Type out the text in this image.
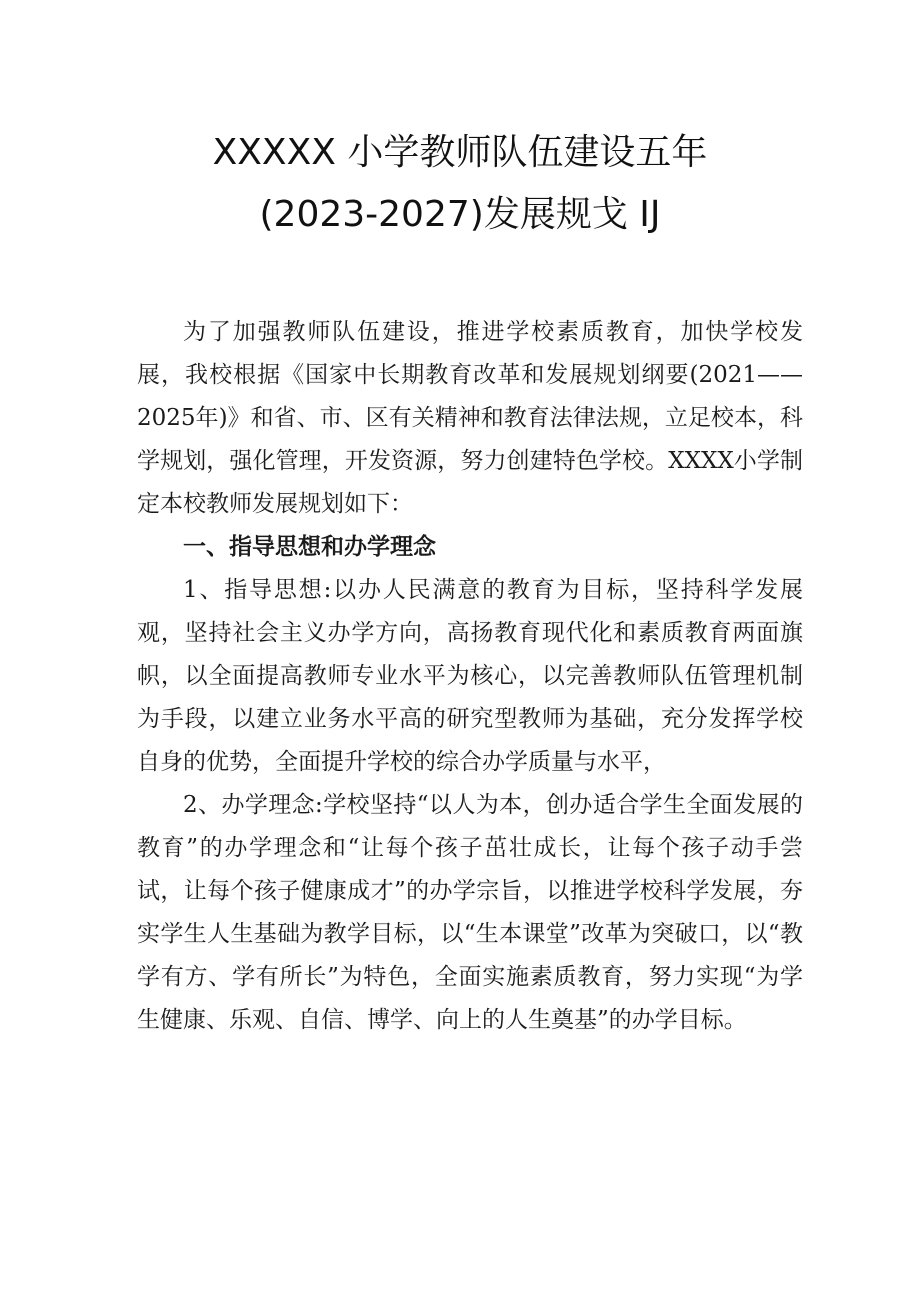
XXXXX 小学教师队伍建设五年
(2023-2027)发展规戈 IJ

为了加强教师队伍建设，推进学校素质教育，加快学校发展，我校根据《国家中长期教育改革和发展规划纲要(2021——2025年)》和省、市、区有关精神和教育法律法规，立足校本，科学规划，强化管理，开发资源，努力创建特色学校。XXXX小学制定本校教师发展规划如下：

一、指导思想和办学理念

1、指导思想:以办人民满意的教育为目标，坚持科学发展观，坚持社会主义办学方向，高扬教育现代化和素质教育两面旗帜，以全面提高教师专业水平为核心，以完善教师队伍管理机制为手段，以建立业务水平高的研究型教师为基础，充分发挥学校自身的优势，全面提升学校的综合办学质量与水平，

2、办学理念:学校坚持“以人为本，创办适合学生全面发展的教育”的办学理念和“让每个孩子茁壮成长，让每个孩子动手尝试，让每个孩子健康成才”的办学宗旨，以推进学校科学发展，夯实学生人生基础为教学目标，以“生本课堂”改革为突破口，以“教学有方、学有所长”为特色，全面实施素质教育，努力实现“为学生健康、乐观、自信、博学、向上的人生奠基”的办学目标。
